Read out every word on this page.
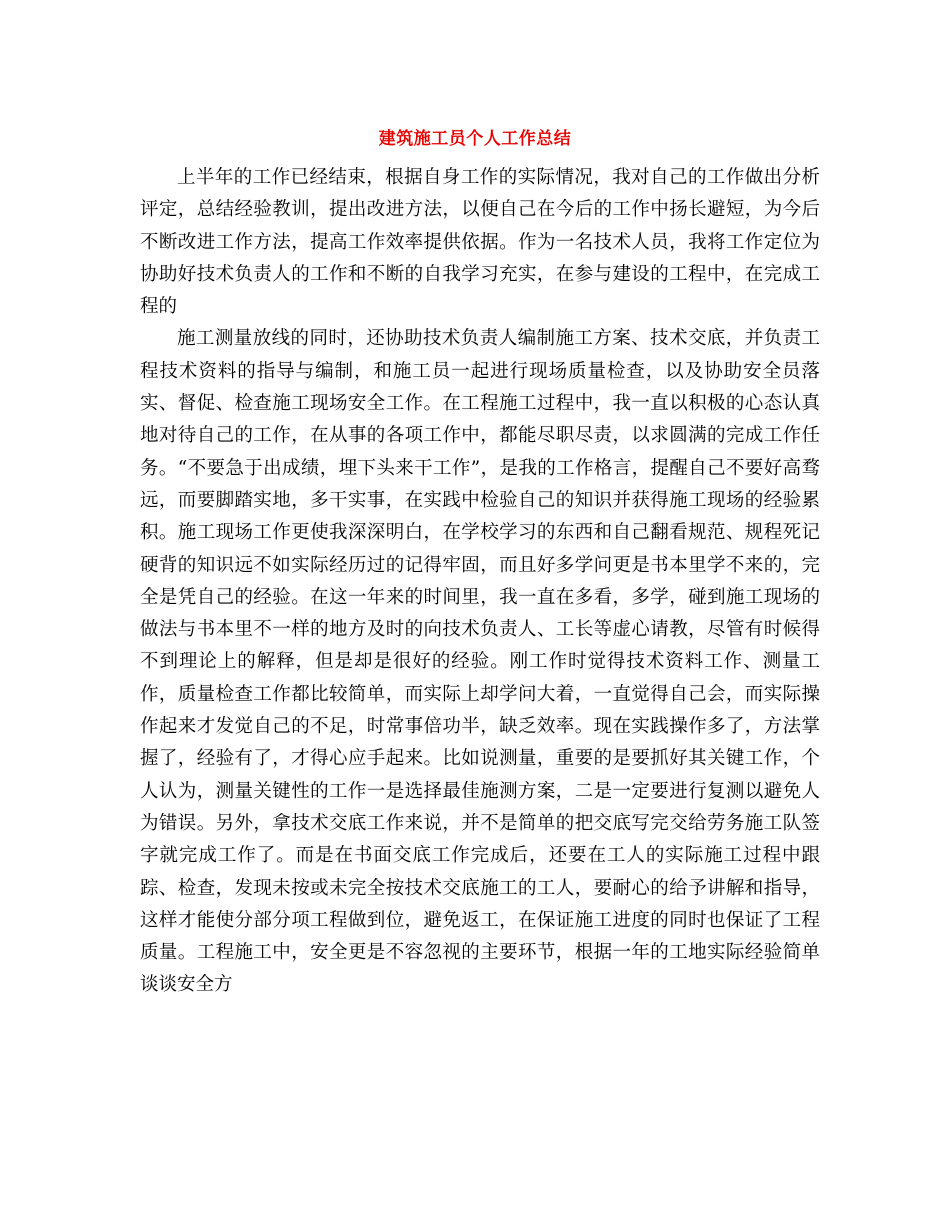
建筑施工员个人工作总结

上半年的工作已经结束，根据自身工作的实际情况，我对自己的工作做出分析评定，总结经验教训，提出改进方法，以便自己在今后的工作中扬长避短，为今后不断改进工作方法，提高工作效率提供依据。作为一名技术人员，我将工作定位为协助好技术负责人的工作和不断的自我学习充实，在参与建设的工程中，在完成工程的

施工测量放线的同时，还协助技术负责人编制施工方案、技术交底，并负责工程技术资料的指导与编制，和施工员一起进行现场质量检查，以及协助安全员落实、督促、检查施工现场安全工作。在工程施工过程中，我一直以积极的心态认真地对待自己的工作，在从事的各项工作中，都能尽职尽责，以求圆满的完成工作任务。“不要急于出成绩，埋下头来干工作”，是我的工作格言，提醒自己不要好高骛远，而要脚踏实地，多干实事，在实践中检验自己的知识并获得施工现场的经验累积。施工现场工作更使我深深明白，在学校学习的东西和自己翻看规范、规程死记硬背的知识远不如实际经历过的记得牢固，而且好多学问更是书本里学不来的，完全是凭自己的经验。在这一年来的时间里，我一直在多看，多学，碰到施工现场的做法与书本里不一样的地方及时的向技术负责人、工长等虚心请教，尽管有时候得不到理论上的解释，但是却是很好的经验。刚工作时觉得技术资料工作、测量工作，质量检查工作都比较简单，而实际上却学问大着，一直觉得自己会，而实际操作起来才发觉自己的不足，时常事倍功半，缺乏效率。现在实践操作多了，方法掌握了，经验有了，才得心应手起来。比如说测量，重要的是要抓好其关键工作，个人认为，测量关键性的工作一是选择最佳施测方案，二是一定要进行复测以避免人为错误。另外，拿技术交底工作来说，并不是简单的把交底写完交给劳务施工队签字就完成工作了。而是在书面交底工作完成后，还要在工人的实际施工过程中跟踪、检查，发现未按或未完全按技术交底施工的工人，要耐心的给予讲解和指导，这样才能使分部分项工程做到位，避免返工，在保证施工进度的同时也保证了工程质量。工程施工中，安全更是不容忽视的主要环节，根据一年的工地实际经验简单谈谈安全方
